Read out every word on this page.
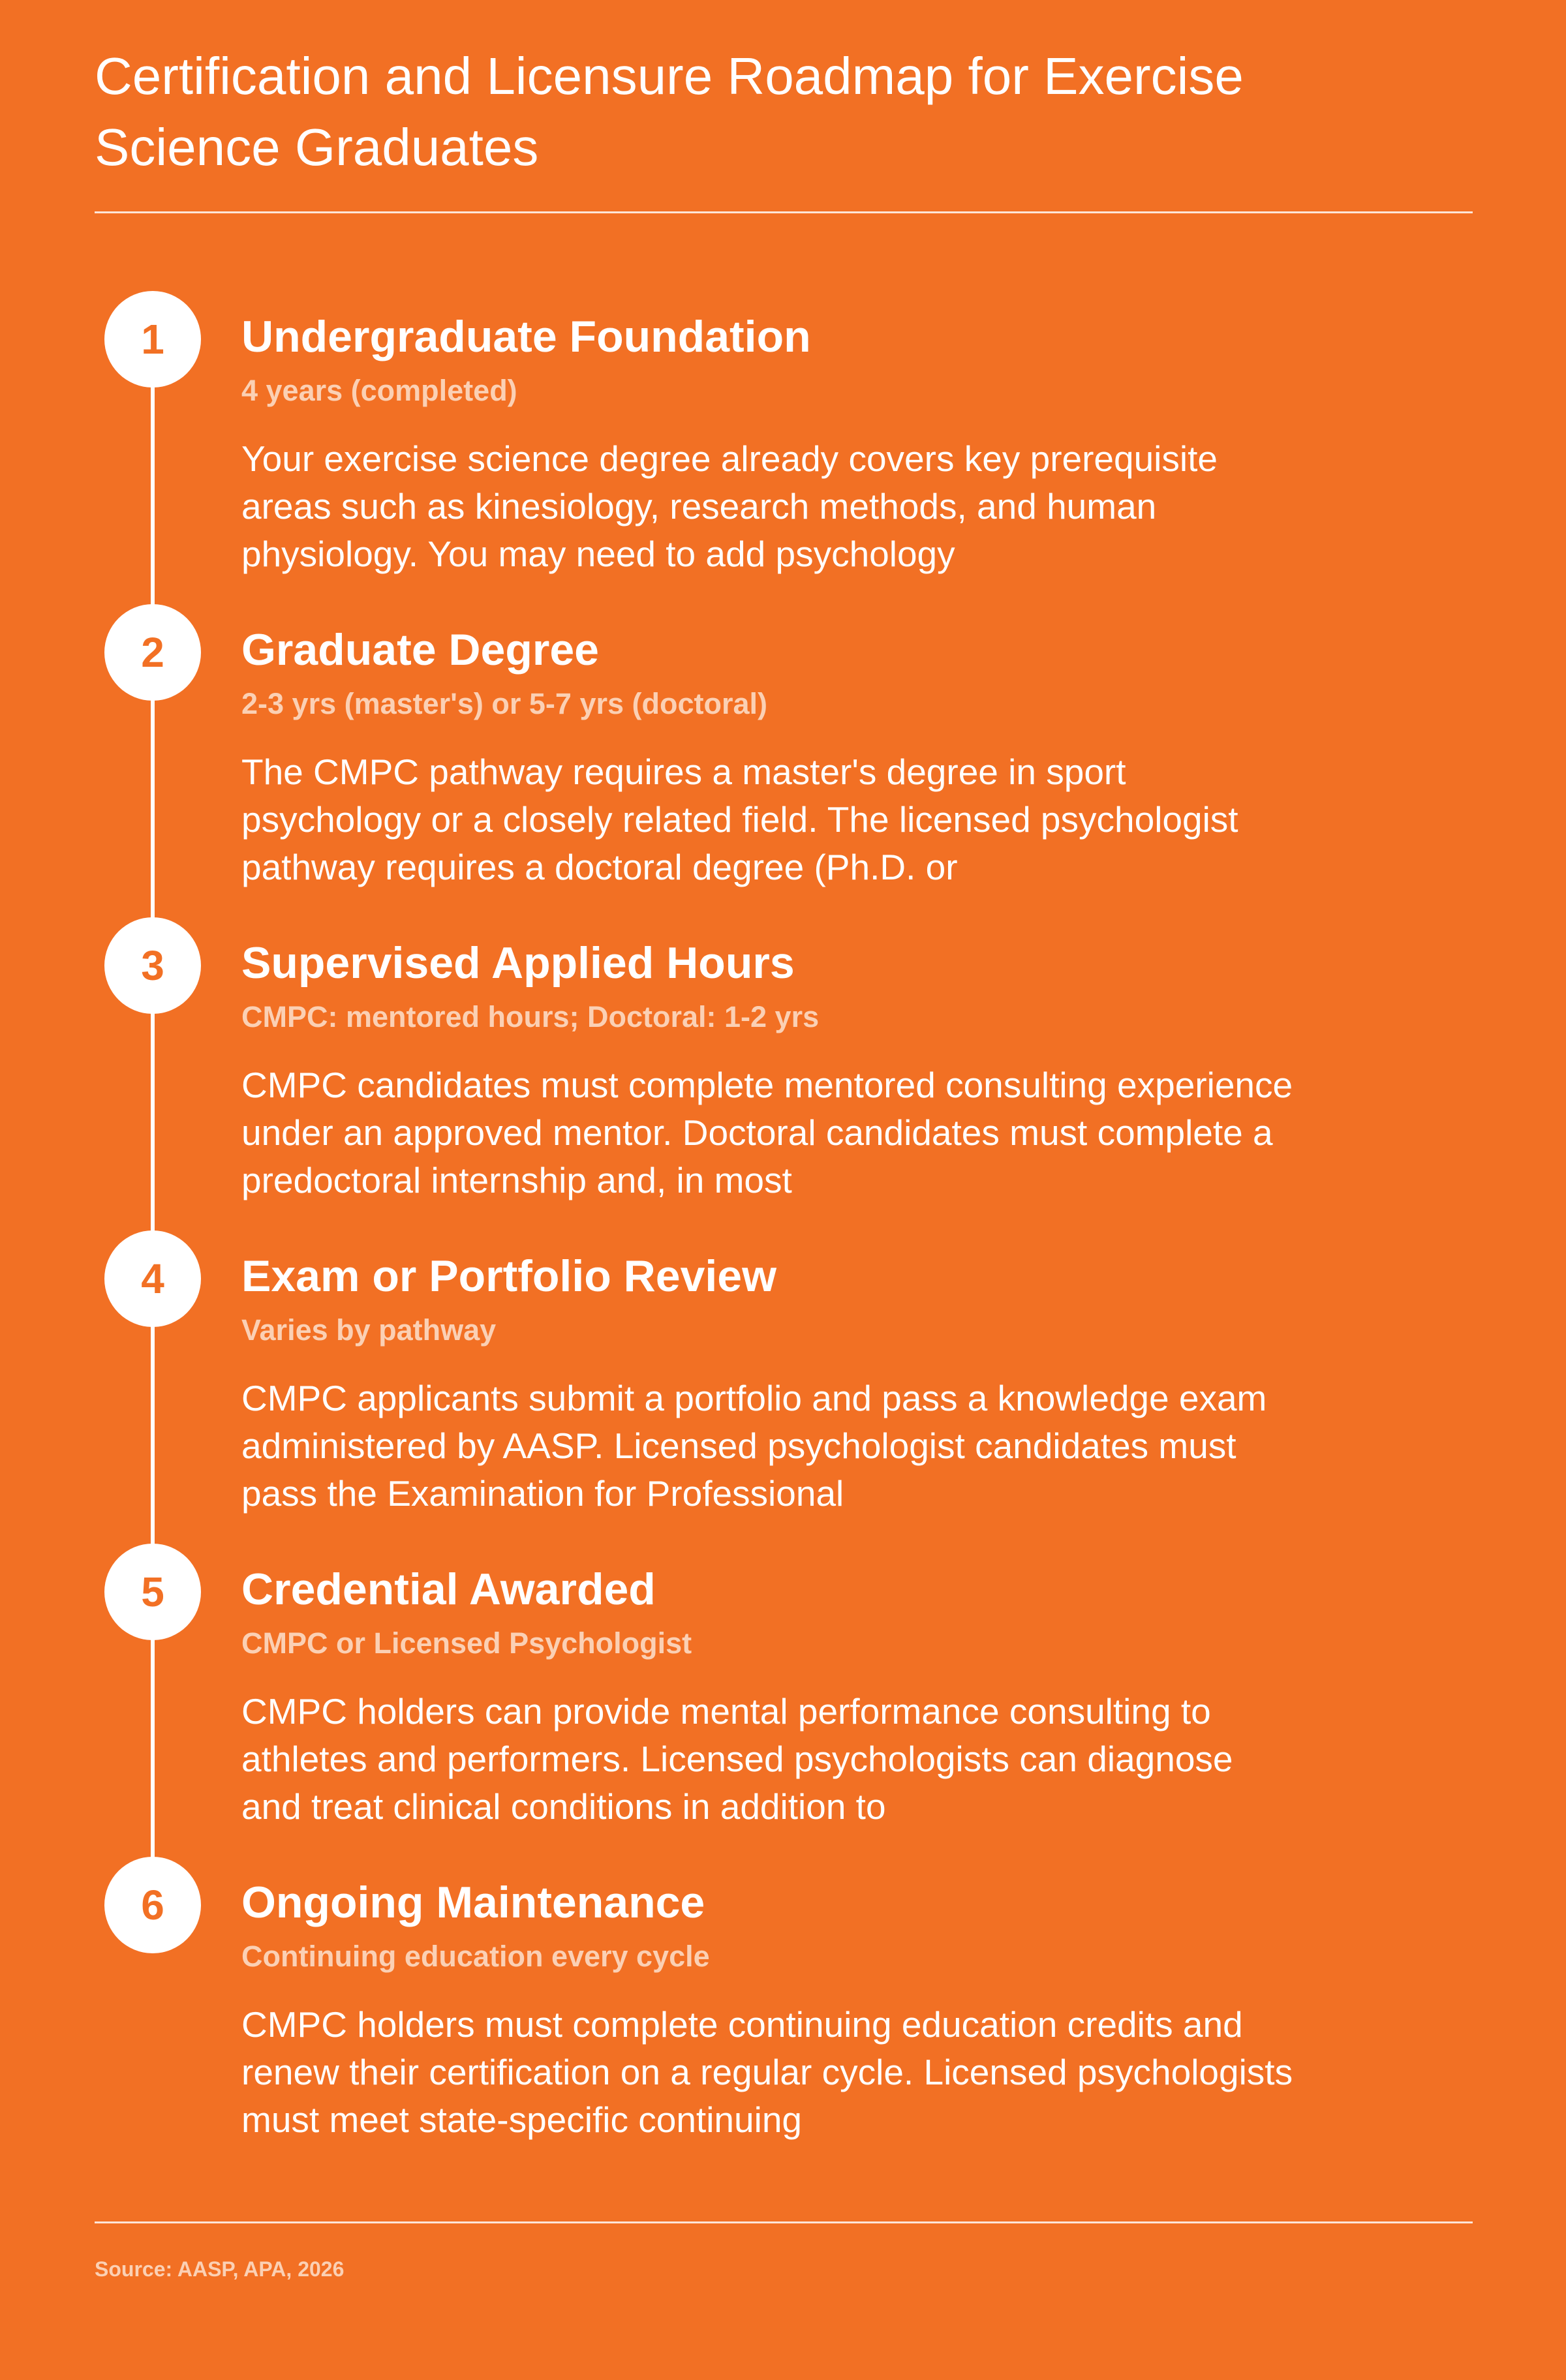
Certification and Licensure Roadmap for Exercise Science Graduates
1	Undergraduate Foundation
4 years (completed)
Your exercise science degree already covers key prerequisite areas such as kinesiology, research methods, and human physiology. You may need to add psychology
2	Graduate Degree
2-3 yrs (master's) or 5-7 yrs (doctoral)
The CMPC pathway requires a master's degree in sport psychology or a closely related field. The licensed psychologist pathway requires a doctoral degree (Ph.D. or
3	Supervised Applied Hours
CMPC: mentored hours; Doctoral: 1-2 yrs
CMPC candidates must complete mentored consulting experience under an approved mentor. Doctoral candidates must complete a predoctoral internship and, in most
4	Exam or Portfolio Review
Varies by pathway
CMPC applicants submit a portfolio and pass a knowledge exam administered by AASP. Licensed psychologist candidates must pass the Examination for Professional
5	Credential Awarded
CMPC or Licensed Psychologist
CMPC holders can provide mental performance consulting to athletes and performers. Licensed psychologists can diagnose and treat clinical conditions in addition to
6	Ongoing Maintenance
Continuing education every cycle
CMPC holders must complete continuing education credits and renew their certification on a regular cycle. Licensed psychologists must meet state-specific continuing
Source: AASP, APA, 2026
